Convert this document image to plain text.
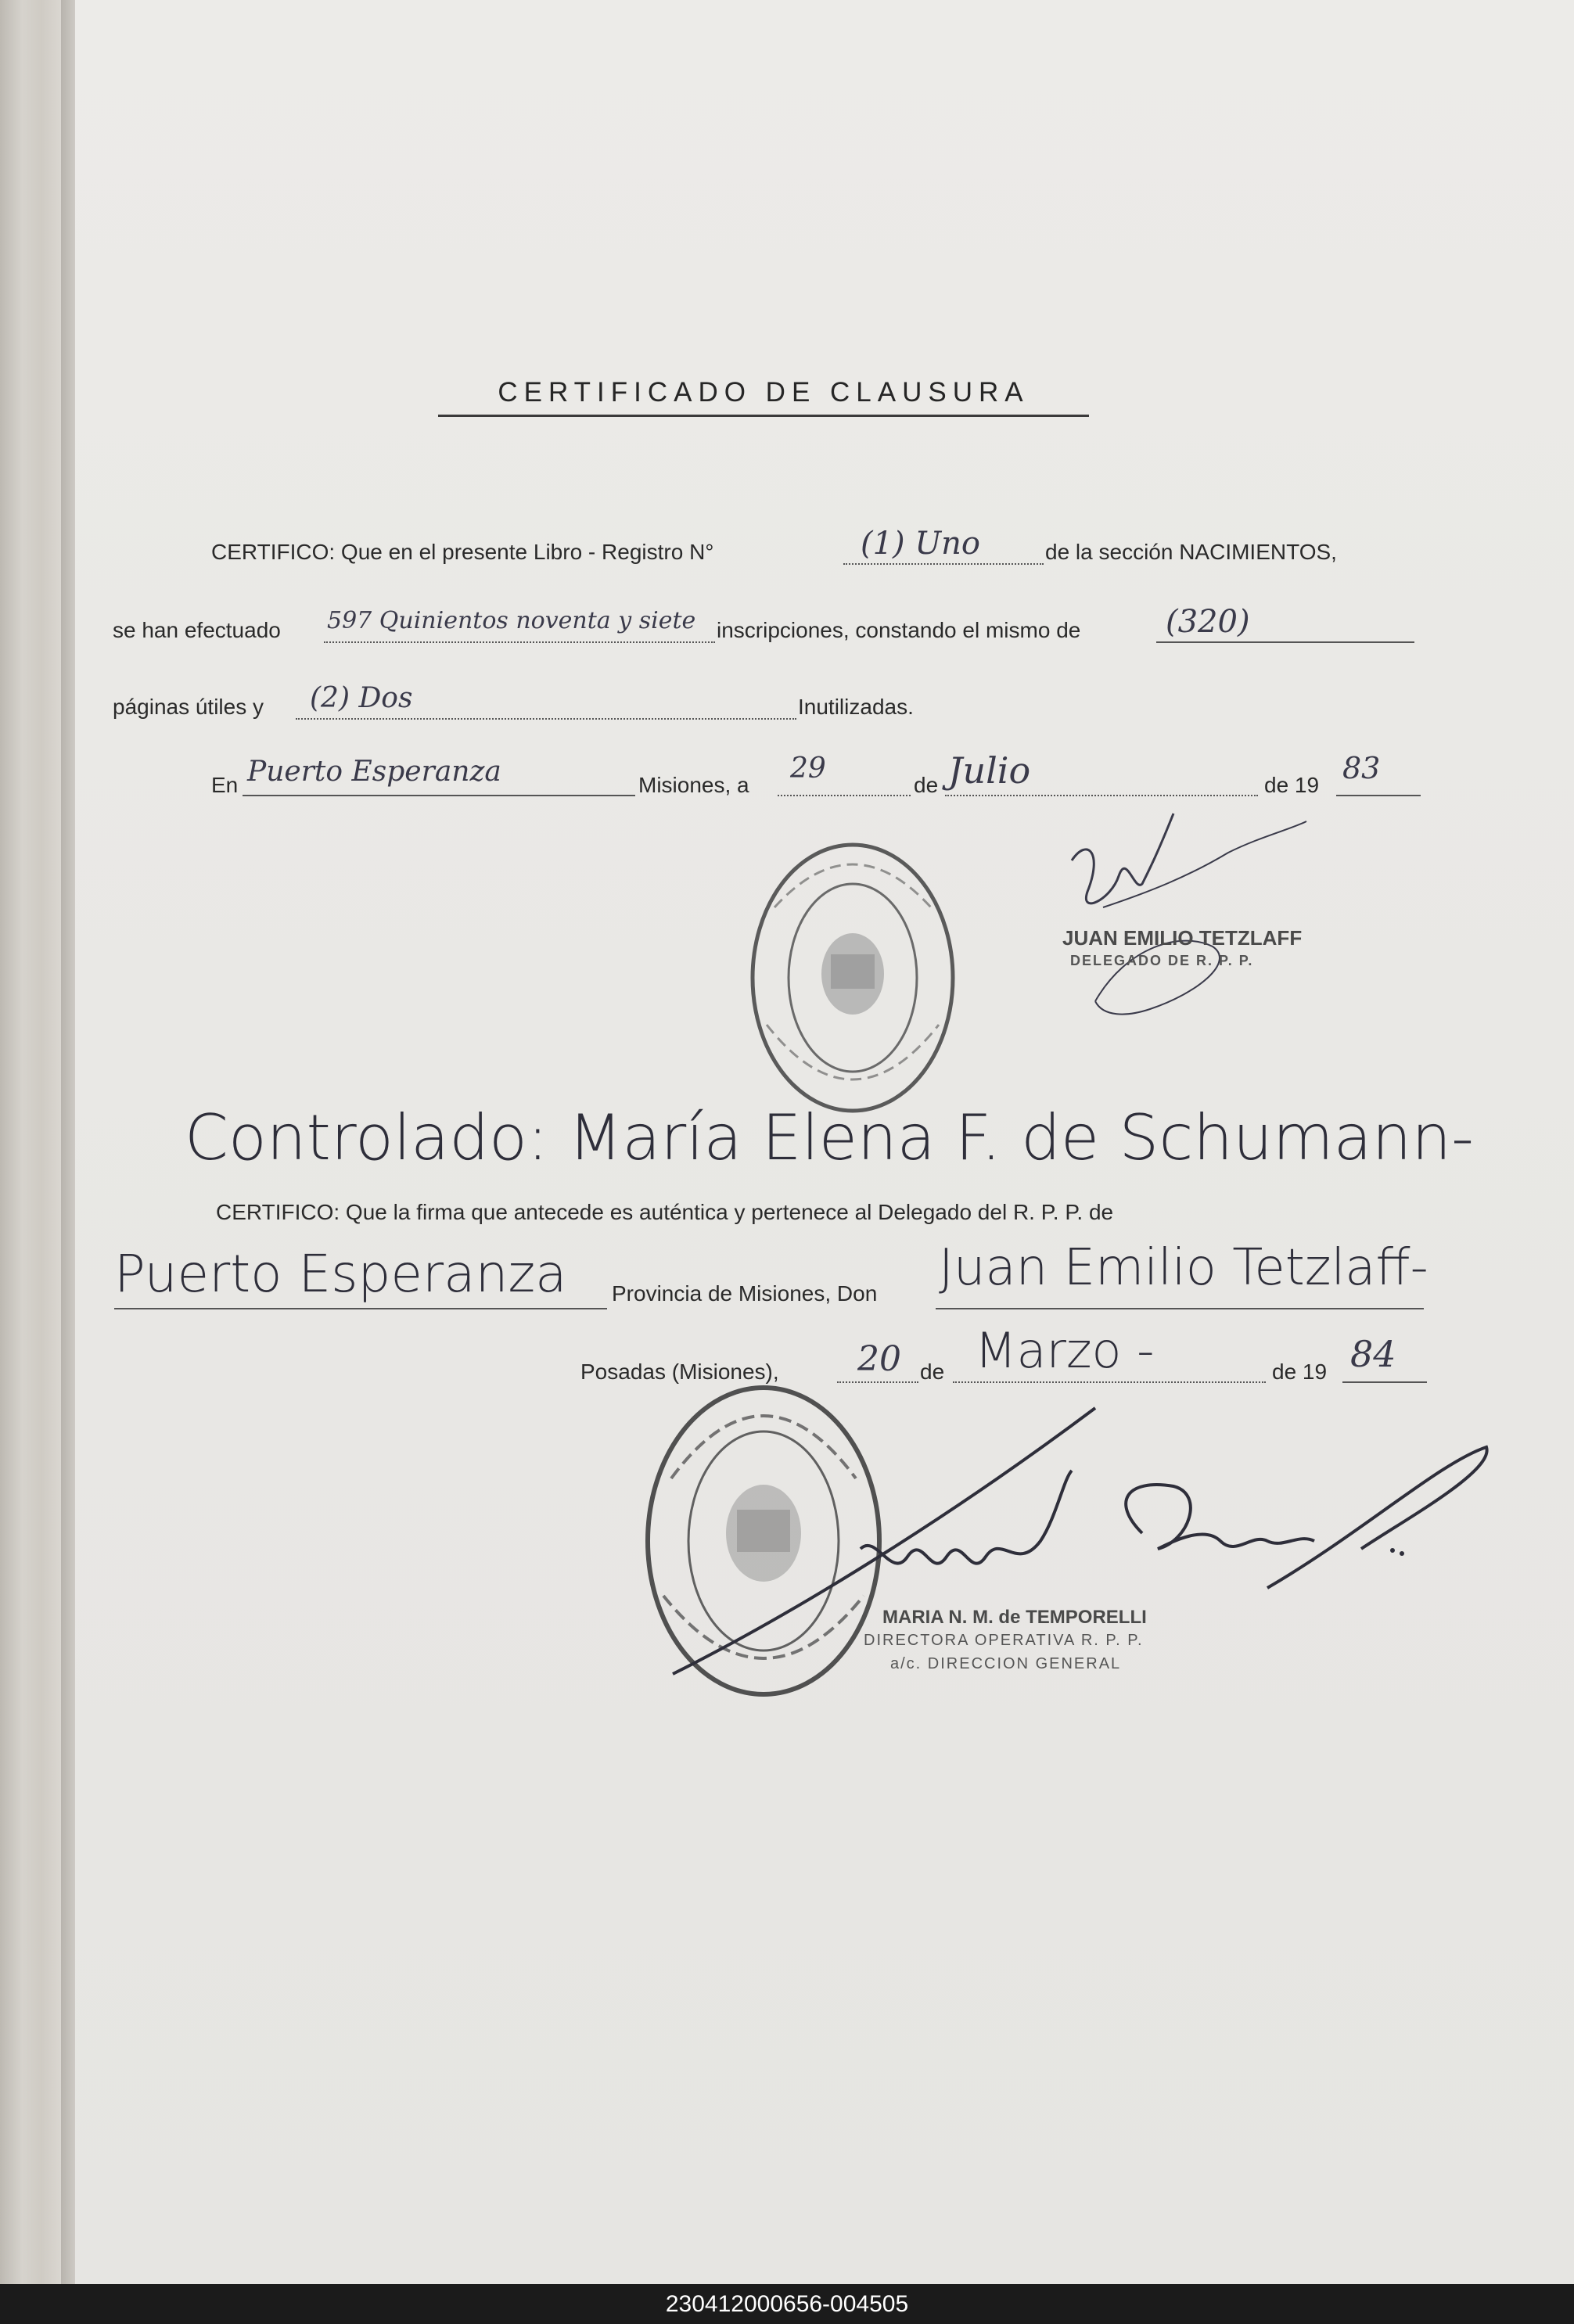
CERTIFICADO DE CLAUSURA
CERTIFICO: Que en el presente Libro - Registro N°	(1) Uno	de la sección NACIMIENTOS,
se han efectuado 597 Quinientos noventa y siete inscripciones, constando el mismo de	(320)
páginas útiles y (2) Dos	Inutilizadas.
En Puerto Esperanza	Misiones, a
29
de Julio	de 19 83
JUAN EMILIO TETZLAFF
DELEGADO DE R. P. P.
Controlado: María Elena F. de Schumann-
CERTIFICO: Que la firma que antecede es auténtica y pertenece al Delegado del R. P. P. de
Puerto Esperanza Provincia de Misiones, Don Juan Emilio Tetzlaff-
Posadas (Misiones), 20 de Marzo -	de 19 84
MARIA N. M. de TEMPORELLI
DIRECTORA OPERATIVA R. P. P.
a/c. DIRECCION GENERAL
230412000656-004505
